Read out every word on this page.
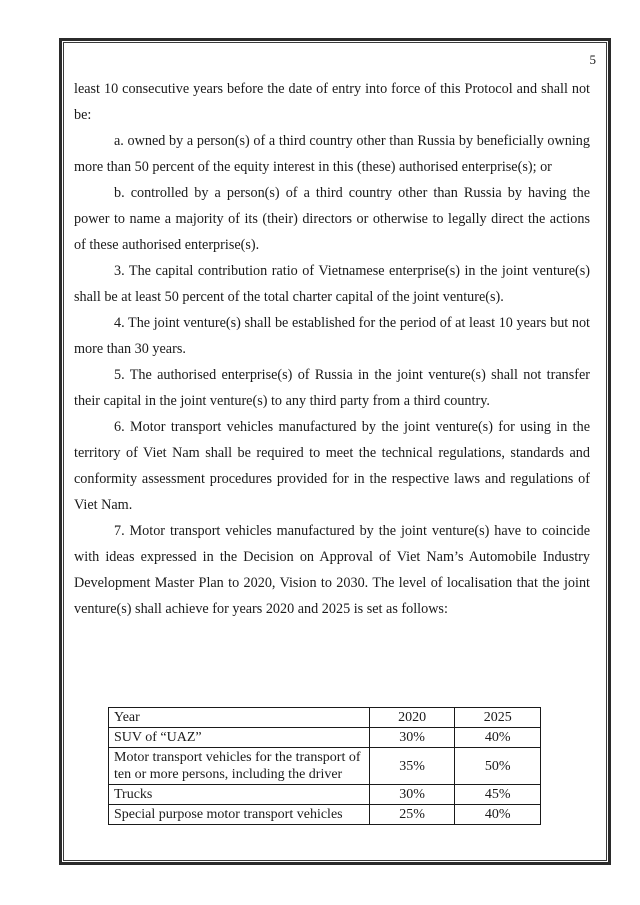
5

least 10 consecutive years before the date of entry into force of this Protocol and shall not be:

a. owned by a person(s) of a third country other than Russia by beneficially owning more than 50 percent of the equity interest in this (these) authorised enterprise(s); or

b. controlled by a person(s) of a third country other than Russia by having the power to name a majority of its (their) directors or otherwise to legally direct the actions of these authorised enterprise(s).

3. The capital contribution ratio of Vietnamese enterprise(s) in the joint venture(s) shall be at least 50 percent of the total charter capital of the joint venture(s).

4. The joint venture(s) shall be established for the period of at least 10 years but not more than 30 years.

5. The authorised enterprise(s) of Russia in the joint venture(s) shall not transfer their capital in the joint venture(s) to any third party from a third country.

6. Motor transport vehicles manufactured by the joint venture(s) for using in the territory of Viet Nam shall be required to meet the technical regulations, standards and conformity assessment procedures provided for in the respective laws and regulations of Viet Nam.

7. Motor transport vehicles manufactured by the joint venture(s) have to coincide with ideas expressed in the Decision on Approval of Viet Nam’s Automobile Industry Development Master Plan to 2020, Vision to 2030. The level of localisation that the joint venture(s) shall achieve for years 2020 and 2025 is set as follows:

Year	2020	2025
SUV of “UAZ”	30%	40%
Motor transport vehicles for the transport of ten or more persons, including the driver	35%	50%
Trucks	30%	45%
Special purpose motor transport vehicles	25%	40%
